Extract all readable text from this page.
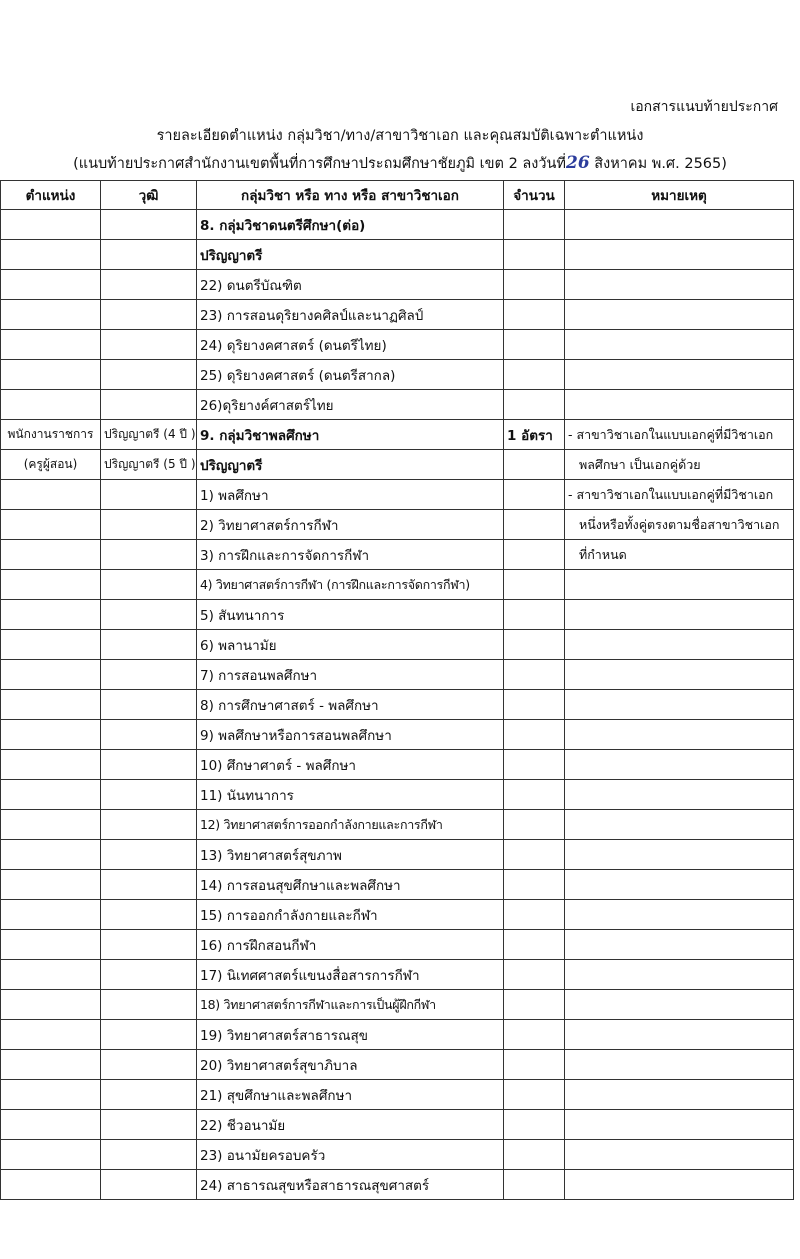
เอกสารแนบท้ายประกาศ
รายละเอียดตำแหน่ง กลุ่มวิชา/ทาง/สาขาวิชาเอก และคุณสมบัติเฉพาะตำแหน่ง
(แนบท้ายประกาศสำนักงานเขตพื้นที่การศึกษาประถมศึกษาชัยภูมิ เขต 2 ลงวันที่26 สิงหาคม พ.ศ. 2565)
ตำแหน่ง	วุฒิ	กลุ่มวิชา หรือ ทาง หรือ สาขาวิชาเอก	จำนวน	หมายเหตุ
		8. กลุ่มวิชาดนตรีศึกษา(ต่อ)		
		ปริญญาตรี		
		22) ดนตรีบัณฑิต		
		23) การสอนดุริยางคศิลป์และนาฏศิลป์		
		24) ดุริยางคศาสตร์ (ดนตรีไทย)		
		25) ดุริยางคศาสตร์ (ดนตรีสากล)		
		26)ดุริยางค์ศาสตร์ไทย		
พนักงานราชการ	ปริญญาตรี (4 ปี )	9. กลุ่มวิชาพลศึกษา	1 อัตรา	- สาขาวิชาเอกในแบบเอกคู่ที่มีวิชาเอก
(ครูผู้สอน)	ปริญญาตรี (5 ปี )	ปริญญาตรี		พลศึกษา เป็นเอกคู่ด้วย
		1) พลศึกษา		- สาขาวิชาเอกในแบบเอกคู่ที่มีวิชาเอก
		2) วิทยาศาสตร์การกีฬา		หนึ่งหรือทั้งคู่ตรงตามชื่อสาขาวิชาเอก
		3) การฝึกและการจัดการกีฬา		ที่กำหนด
		4) วิทยาศาสตร์การกีฬา (การฝึกและการจัดการกีฬา)		
		5) สันทนาการ		
		6) พลานามัย		
		7) การสอนพลศึกษา		
		8) การศึกษาศาสตร์ - พลศึกษา		
		9) พลศึกษาหรือการสอนพลศึกษา		
		10) ศึกษาศาตร์ - พลศึกษา		
		11) นันทนาการ		
		12) วิทยาศาสตร์การออกกำลังกายและการกีฬา		
		13) วิทยาศาสตร์สุขภาพ		
		14) การสอนสุขศึกษาและพลศึกษา		
		15) การออกกำลังกายและกีฬา		
		16) การฝึกสอนกีฬา		
		17) นิเทศศาสตร์แขนงสื่อสารการกีฬา		
		18) วิทยาศาสตร์การกีฬาและการเป็นผู้ฝึกกีฬา		
		19) วิทยาศาสตร์สาธารณสุข		
		20) วิทยาศาสตร์สุขาภิบาล		
		21) สุขศึกษาและพลศึกษา		
		22) ชีวอนามัย		
		23) อนามัยครอบครัว		
		24) สาธารณสุขหรือสาธารณสุขศาสตร์		
